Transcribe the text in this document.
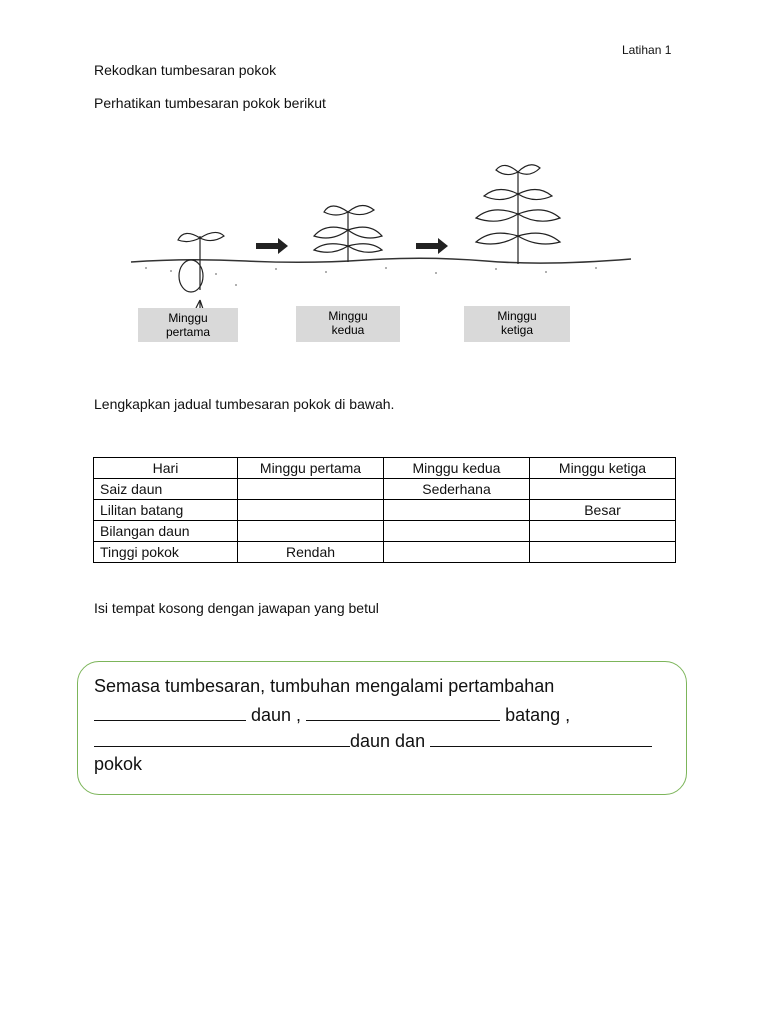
Latihan 1
Rekodkan tumbesaran pokok
Perhatikan tumbesaran pokok berikut
Minggu
pertama
Minggu
kedua
Minggu
ketiga
Lengkapkan jadual tumbesaran pokok di bawah.
Hari	Minggu pertama	Minggu kedua	Minggu ketiga
Saiz daun		Sederhana	
Lilitan batang			Besar
Bilangan daun			
Tinggi pokok	Rendah		
Isi tempat kosong dengan jawapan yang betul
Semasa tumbesaran, tumbuhan mengalami pertambahan
daun ,	batang ,
daun dan
pokok
